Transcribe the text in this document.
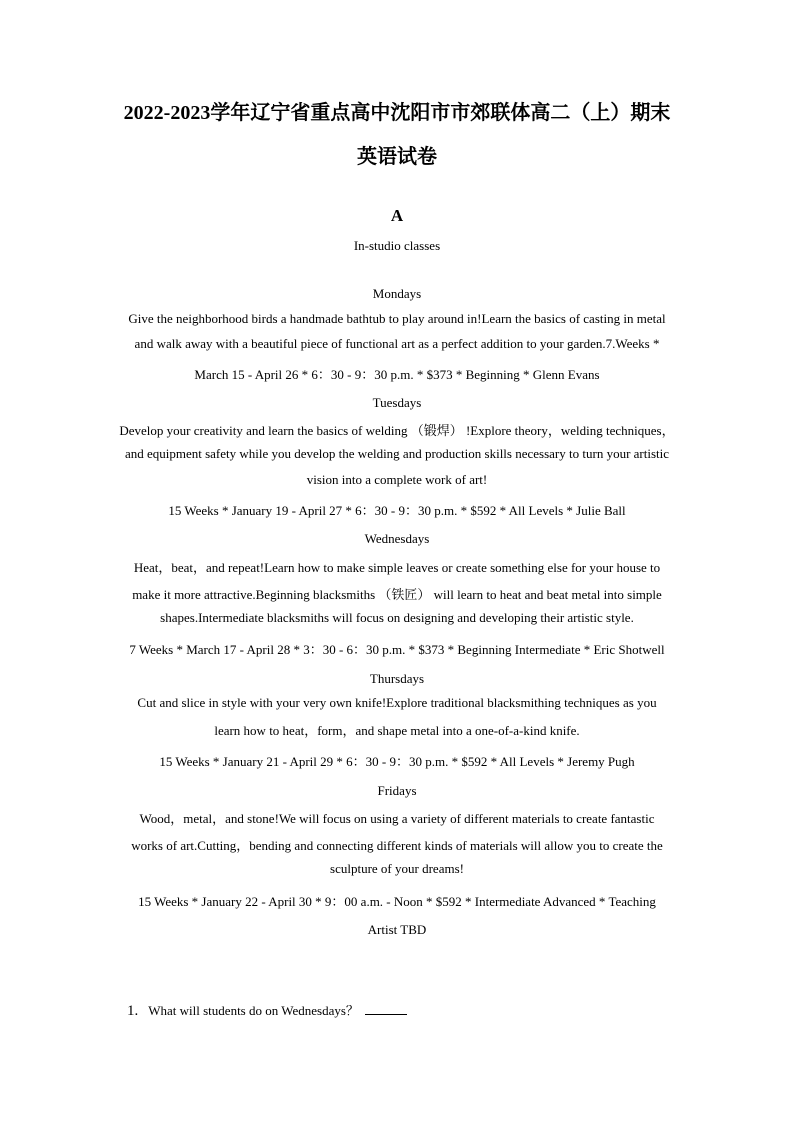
2022-2023学年辽宁省重点高中沈阳市市郊联体高二（上）期末
英语试卷
A
In-studio classes
Mondays
Give the neighborhood birds a handmade bathtub to play around in!Learn the basics of casting in metal
and walk away with a beautiful piece of functional art as a perfect addition to your garden.7.Weeks *
March 15 - April 26 * 6：30 - 9：30 p.m. * $373 * Beginning * Glenn Evans
Tuesdays
Develop your creativity and learn the basics of welding （锻焊） !Explore theory，welding techniques，
and equipment safety while you develop the welding and production skills necessary to turn your artistic
vision into a complete work of art!
15 Weeks * January 19 - April 27 * 6：30 - 9：30 p.m. * $592 * All Levels * Julie Ball
Wednesdays
Heat，beat，and repeat!Learn how to make simple leaves or create something else for your house to
make it more attractive.Beginning blacksmiths （铁匠） will learn to heat and beat metal into simple
shapes.Intermediate blacksmiths will focus on designing and developing their artistic style.
7 Weeks * March 17 - April 28 * 3：30 - 6：30 p.m. * $373 * Beginning Intermediate * Eric Shotwell
Thursdays
Cut and slice in style with your very own knife!Explore traditional blacksmithing techniques as you
learn how to heat，form，and shape metal into a one-of-a-kind knife.
15 Weeks * January 21 - April 29 * 6：30 - 9：30 p.m. * $592 * All Levels * Jeremy Pugh
Fridays
Wood，metal，and stone!We will focus on using a variety of different materials to create fantastic
works of art.Cutting，bending and connecting different kinds of materials will allow you to create the
sculpture of your dreams!
15 Weeks * January 22 - April 30 * 9：00 a.m. - Noon * $592 * Intermediate Advanced * Teaching
Artist TBD
1. What will students do on Wednesdays？
